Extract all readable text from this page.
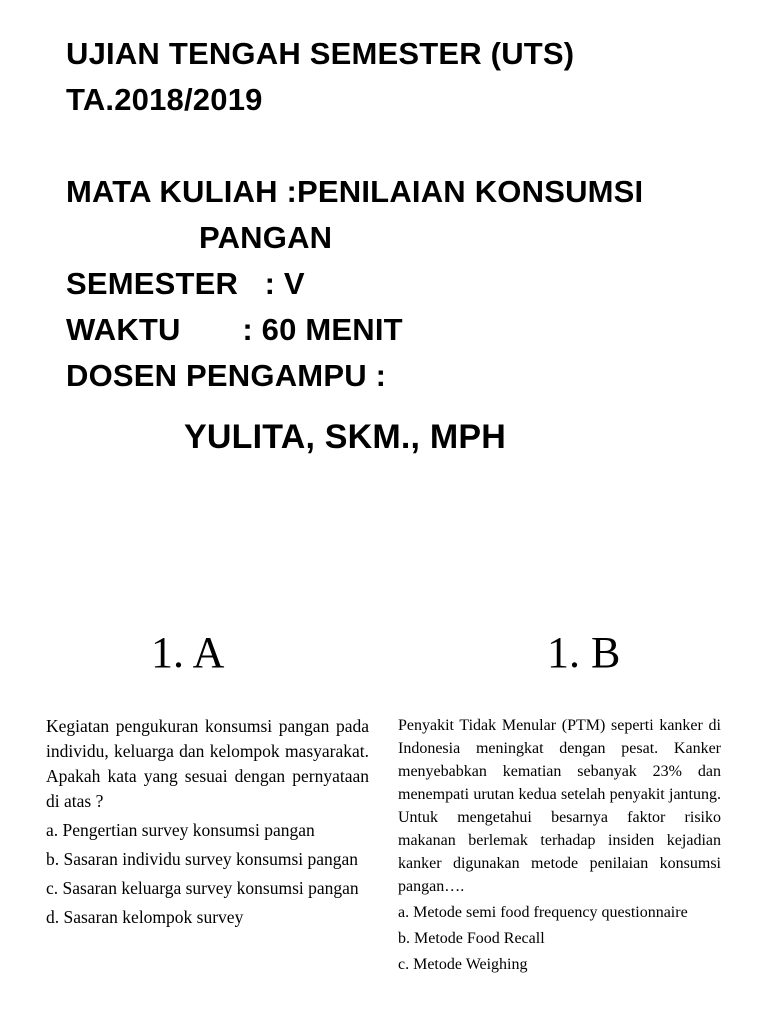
UJIAN TENGAH SEMESTER (UTS)
TA.2018/2019
MATA KULIAH :PENILAIAN KONSUMSI
PANGAN
SEMESTER   : V
WAKTU       : 60 MENIT
DOSEN PENGAMPU :
YULITA, SKM., MPH
1. A	1. B

Kegiatan pengukuran konsumsi pangan pada individu, keluarga dan kelompok masyarakat. Apakah kata yang sesuai dengan pernyataan di atas ?

a. Pengertian survey konsumsi pangan

b. Sasaran individu survey konsumsi pangan

c. Sasaran keluarga survey konsumsi pangan

d. Sasaran kelompok survey

Penyakit Tidak Menular (PTM) seperti kanker di Indonesia meningkat dengan pesat. Kanker menyebabkan kematian sebanyak 23% dan menempati urutan kedua setelah penyakit jantung. Untuk mengetahui besarnya faktor risiko makanan berlemak terhadap insiden kejadian kanker digunakan metode penilaian konsumsi pangan….

a. Metode semi food frequency questionnaire

b. Metode Food Recall

c. Metode Weighing
